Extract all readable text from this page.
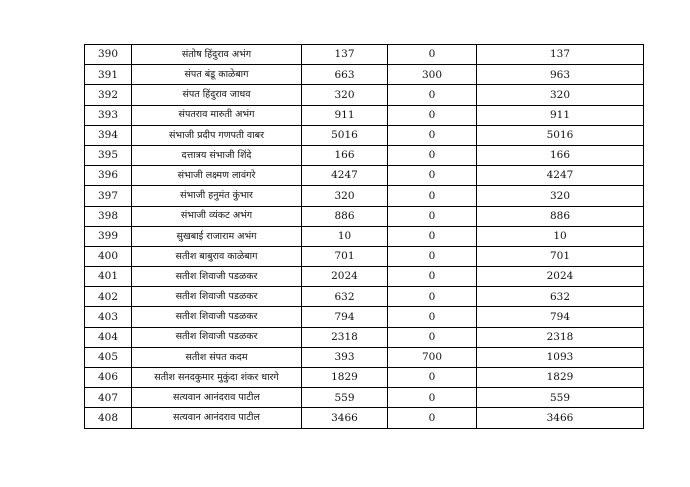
390	संतोष हिंदुराव अभंग	137	0	137
391	संपत बंडू काळेबाग	663	300	963
392	संपत हिंदुराव जाधव	320	0	320
393	संपतराव मारुती अभंग	911	0	911
394	संभाजी प्रदीप गणपती वाबर	5016	0	5016
395	दत्तात्रय संभाजी शिंदे	166	0	166
396	संभाजी लक्ष्मण लावंगरे	4247	0	4247
397	संभाजी हनुमंत कुंभार	320	0	320
398	संभाजी व्यंकट अभंग	886	0	886
399	सुखबाई राजाराम अभंग	10	0	10
400	सतीश बाबुराव काळेबाग	701	0	701
401	सतीश शिवाजी पडळकर	2024	0	2024
402	सतीश शिवाजी पडळकर	632	0	632
403	सतीश शिवाजी पडळकर	794	0	794
404	सतीश शिवाजी पडळकर	2318	0	2318
405	सतीश संपत कदम	393	700	1093
406	सतीश सनदकुमार मुकुंदा शंकर धारगे	1829	0	1829
407	सत्यवान आनंदराव पाटील	559	0	559
408	सत्यवान आनंदराव पाटील	3466	0	3466
